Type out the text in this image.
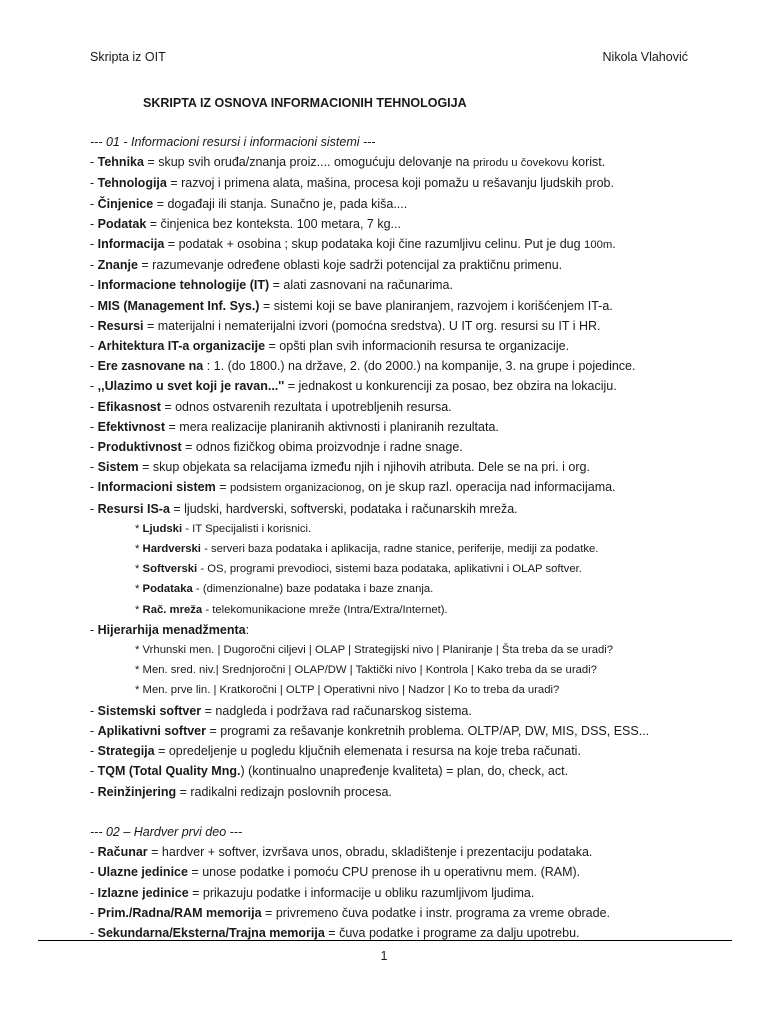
Skripta iz OIT	Nikola Vlahović
SKRIPTA IZ OSNOVA INFORMACIONIH TEHNOLOGIJA
--- 01 - Informacioni resursi i informacioni sistemi ---
- Tehnika = skup svih oruđa/znanja proiz.... omogućuju delovanje na prirodu u čovekovu korist.
- Tehnologija = razvoj i primena alata, mašina, procesa koji pomažu u rešavanju ljudskih prob.
- Činjenice = događaji ili stanja. Sunačno je, pada kiša....
- Podatak = činjenica bez konteksta. 100 metara, 7 kg...
- Informacija = podatak + osobina ; skup podataka koji čine razumljivu celinu. Put je dug 100m.
- Znanje = razumevanje određene oblasti koje sadrži potencijal za praktičnu primenu.
- Informacione tehnologije (IT) = alati zasnovani na računarima.
- MIS (Management Inf. Sys.) = sistemi koji se bave planiranjem, razvojem i korišćenjem IT-a.
- Resursi = materijalni i nematerijalni izvori (pomoćna sredstva). U IT org. resursi su IT i HR.
- Arhitektura IT-a organizacije = opšti plan svih informacionih resursa te organizacije.
- Ere zasnovane na : 1. (do 1800.) na države, 2. (do 2000.) na kompanije, 3. na grupe i pojedince.
- ,,Ulazimo u svet koji je ravan...'' = jednakost u konkurenciji za posao, bez obzira na lokaciju.
- Efikasnost = odnos ostvarenih rezultata i upotrebljenih resursa.
- Efektivnost = mera realizacije planiranih aktivnosti i planiranih rezultata.
- Produktivnost = odnos fizičkog obima proizvodnje i radne snage.
- Sistem = skup objekata sa relacijama između njih i njihovih atributa. Dele se na pri. i org.
- Informacioni sistem = podsistem organizacionog, on je skup razl. operacija nad informacijama.
- Resursi IS-a = ljudski, hardverski, softverski, podataka i računarskih mreža.
* Ljudski - IT Specijalisti i korisnici.
* Hardverski - serveri baza podataka i aplikacija, radne stanice, periferije, mediji za podatke.
* Softverski - OS, programi prevodioci, sistemi baza podataka, aplikativni i OLAP softver.
* Podataka - (dimenzionalne) baze podataka i baze znanja.
* Rač. mreža - telekomunikacione mreže (Intra/Extra/Internet).
- Hijerarhija menadžmenta:
* Vrhunski men. | Dugoročni ciljevi | OLAP | Strategijski nivo | Planiranje | Šta treba da se uradi?
* Men. sred. niv.| Srednjoročni | OLAP/DW | Taktički nivo | Kontrola | Kako treba da se uradi?
* Men. prve lin. | Kratkoročni | OLTP | Operativni nivo | Nadzor | Ko to treba da uradi?
- Sistemski softver = nadgleda i podržava rad računarskog sistema.
- Aplikativni softver = programi za rešavanje konkretnih problema. OLTP/AP, DW, MIS, DSS, ESS...
- Strategija = opredeljenje u pogledu ključnih elemenata i resursa na koje treba računati.
- TQM (Total Quality Mng.) (kontinualno unapređenje kvaliteta) = plan, do, check, act.
- Reinžinjering = radikalni redizajn poslovnih procesa.
--- 02 – Hardver prvi deo ---
- Računar = hardver + softver, izvršava unos, obradu, skladištenje i prezentaciju podataka.
- Ulazne jedinice = unose podatke i pomoću CPU prenose ih u operativnu mem. (RAM).
- Izlazne jedinice = prikazuju podatke i informacije u obliku razumljivom ljudima.
- Prim./Radna/RAM memorija = privremeno čuva podatke i instr. programa za vreme obrade.
- Sekundarna/Eksterna/Trajna memorija = čuva podatke i programe za dalju upotrebu.
1
